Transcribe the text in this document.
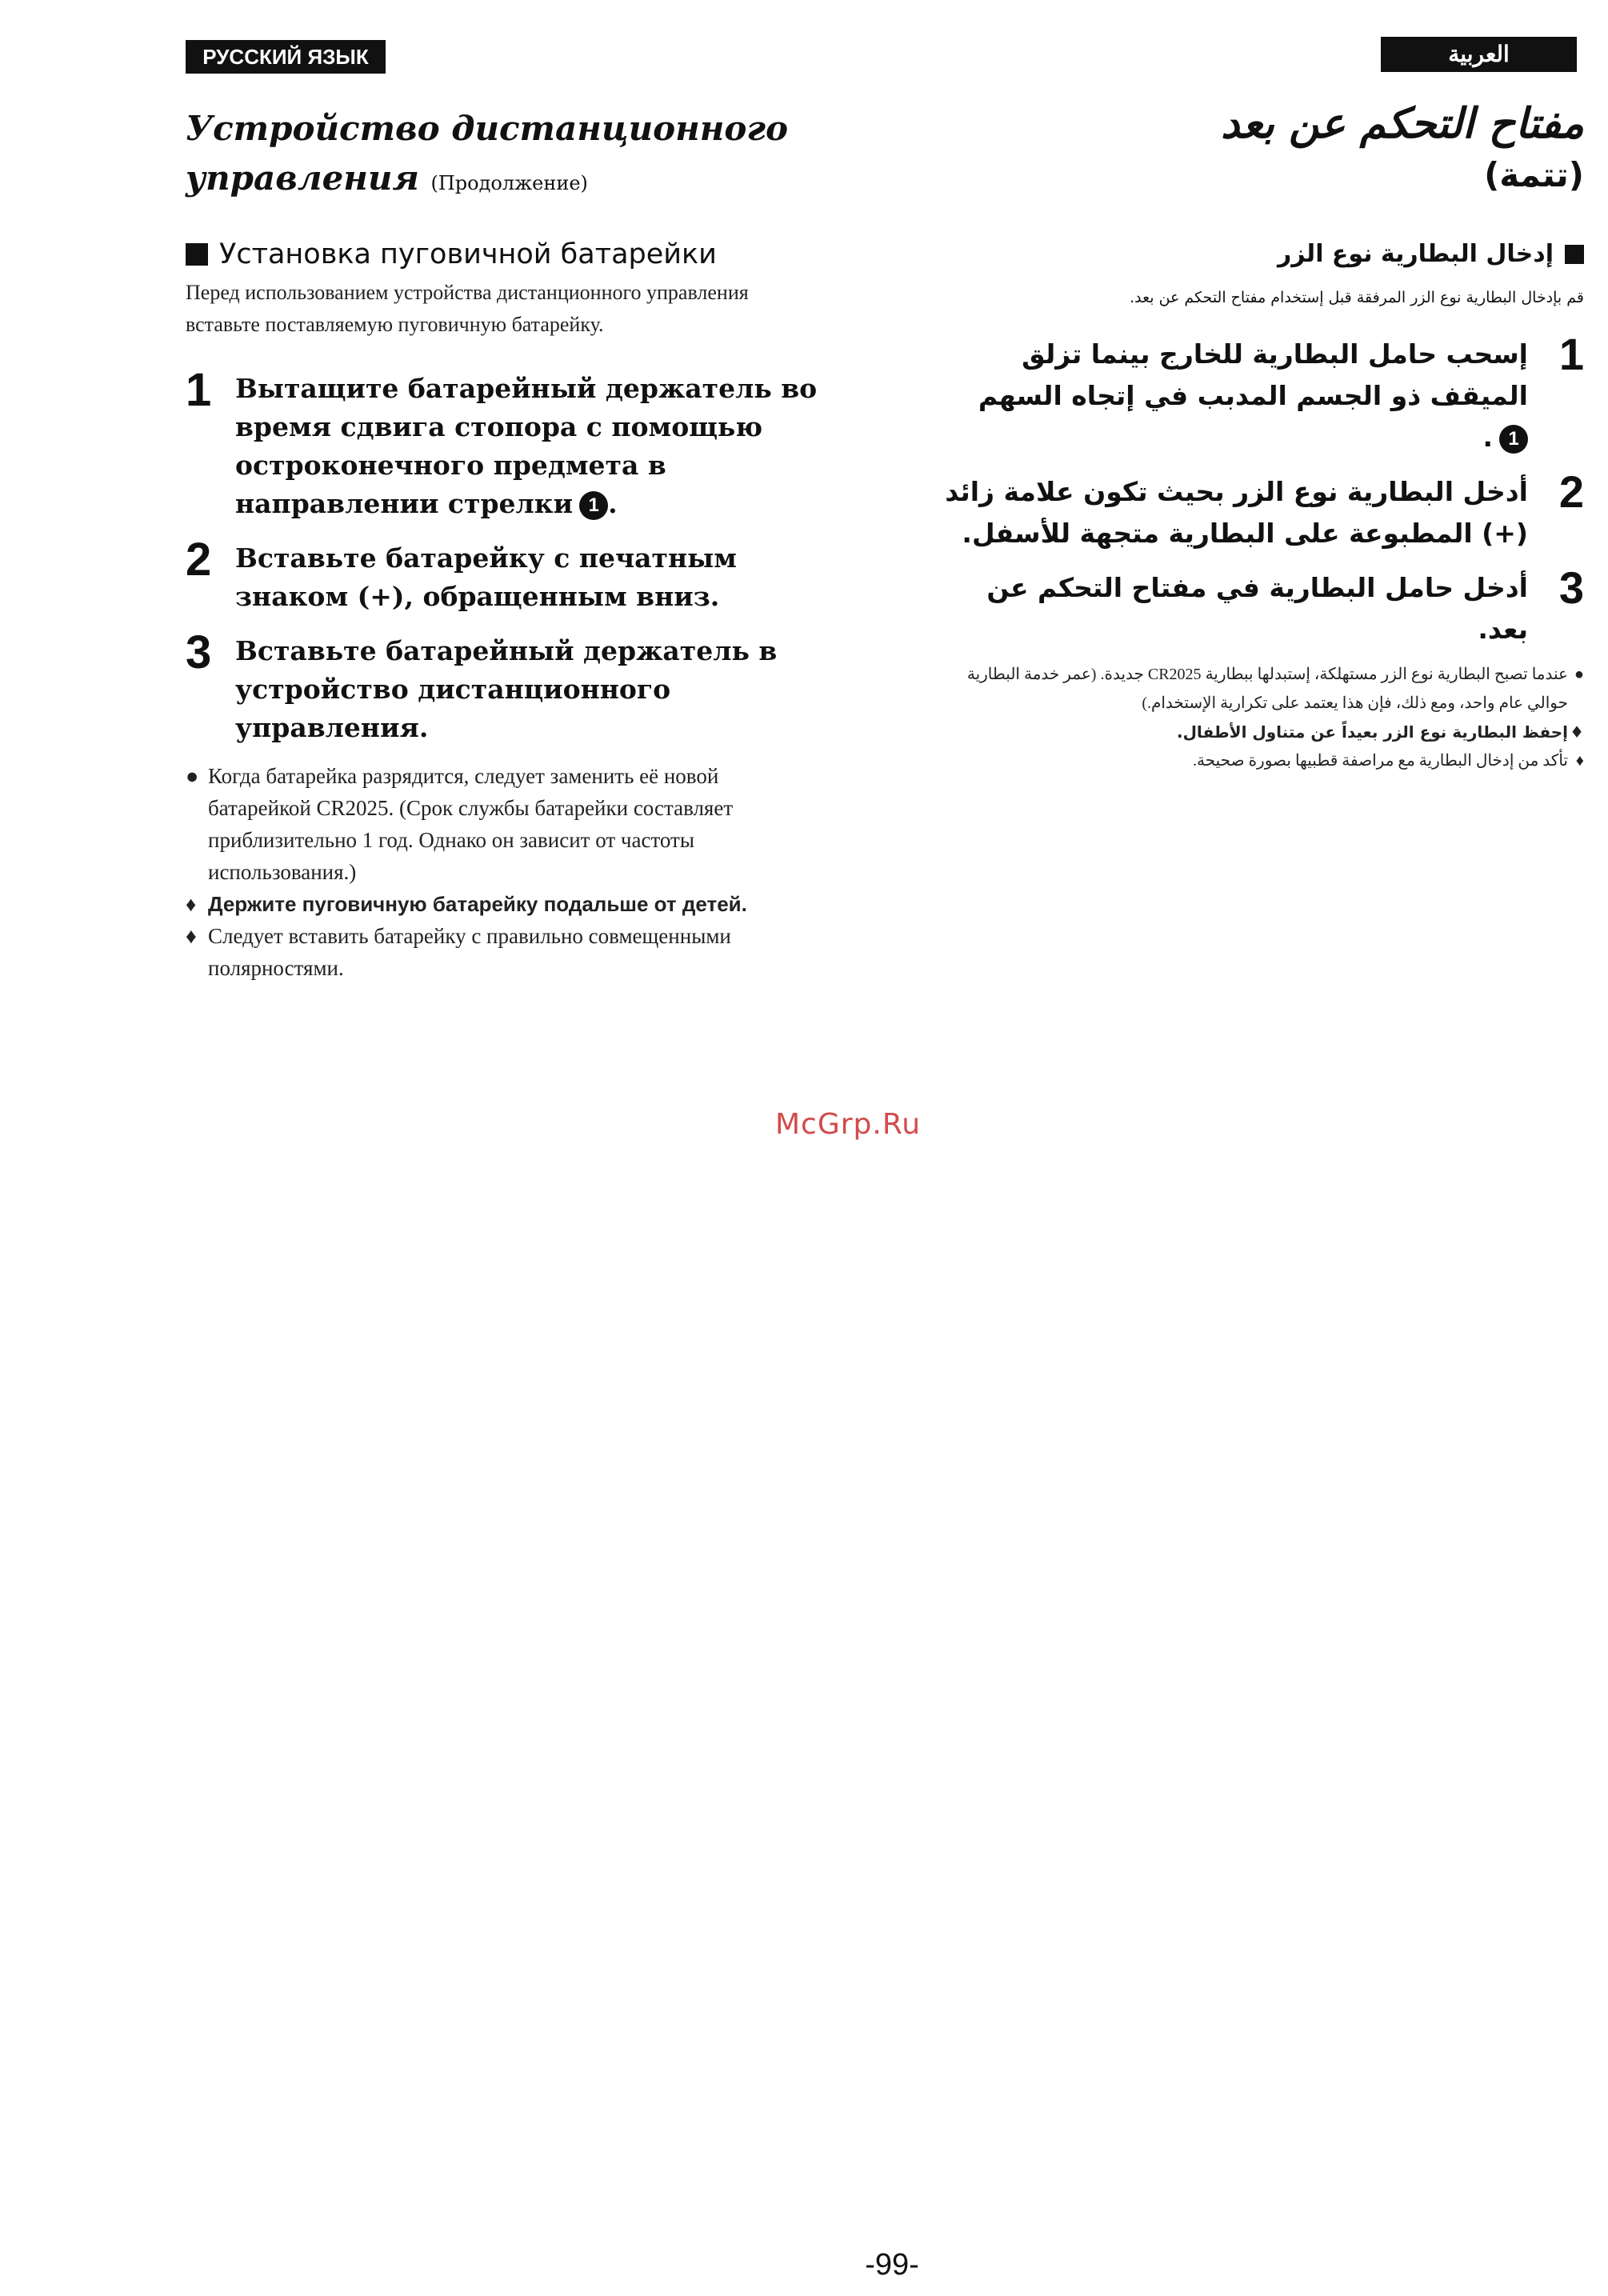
РУССКИЙ ЯЗЫК	العربية
Устройство дистанционного управления (Продолжение)
Установка пуговичной батарейки
Перед использованием устройства дистанционного управления вставьте поставляемую пуговичную батарейку.
1 Вытащите батарейный держатель во время сдвига стопора с помощью остроконечного предмета в направлении стрелки 1 .
2 Вставьте батарейку с печатным знаком (+), обращенным вниз.
3 Вставьте батарейный держатель в устройство дистанционного управления.
● Когда батарейка разрядится, следует заменить её новой батарейкой CR2025. (Срок службы батарейки составляет приблизительно 1 год. Однако он зависит от частоты использования.)
♦ Держите пуговичную батарейку подальше от детей.
♦ Следует вставить батарейку с правильно совмещенными полярностями.
مفتاح التحكم عن بعد
(تتمة)
إدخال البطارية نوع الزر
قم بإدخال البطارية نوع الزر المرفقة قبل إستخدام مفتاح التحكم عن بعد.
1
إسحب حامل البطارية للخارج بينما تزلق الميقف ذو الجسم المدبب في إتجاه السهم1.
2
أدخل البطارية نوع الزر بحيث تكون علامة زائد (+) المطبوعة على البطارية متجهة للأسفل.
3
أدخل حامل البطارية في مفتاح التحكم عن بعد.
●
عندما تصبح البطارية نوع الزر مستهلكة، إستبدلها ببطارية CR2025 جديدة. (عمر خدمة البطارية حوالي عام واحد، ومع ذلك، فإن هذا يعتمد على تكرارية الإستخدام.)
♦
إحفظ البطارية نوع الزر بعيداً عن متناول الأطفال.
♦
تأكد من إدخال البطارية مع مراصفة قطبيها بصورة صحيحة.
McGrp.Ru
-99-
